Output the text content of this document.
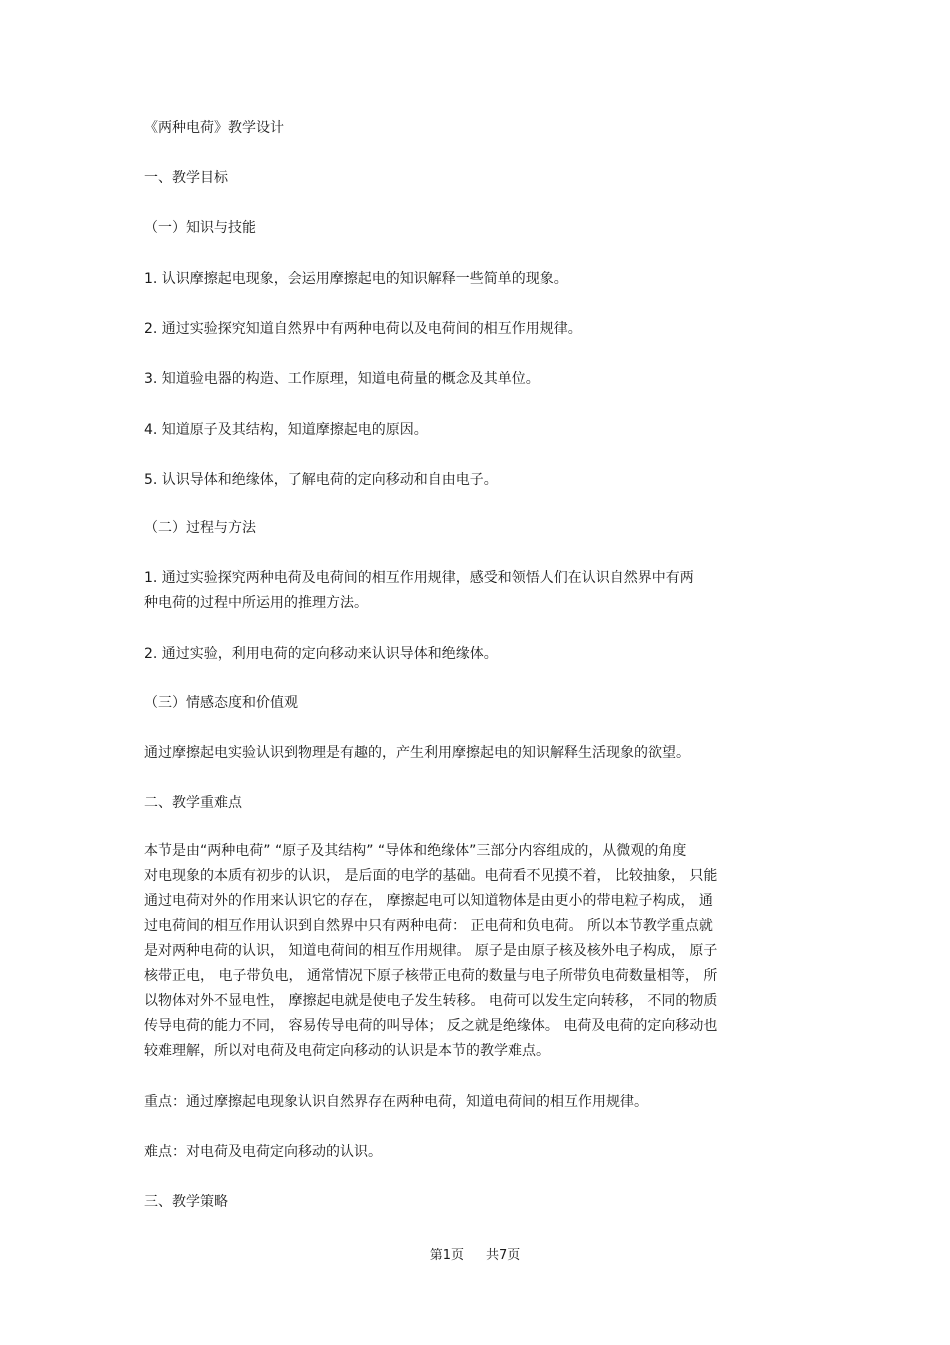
《两种电荷》教学设计
一、教学目标
（一）知识与技能
1. 认识摩擦起电现象，会运用摩擦起电的知识解释一些简单的现象。
2. 通过实验探究知道自然界中有两种电荷以及电荷间的相互作用规律。
3. 知道验电器的构造、工作原理，知道电荷量的概念及其单位。
4. 知道原子及其结构，知道摩擦起电的原因。
5. 认识导体和绝缘体，了解电荷的定向移动和自由电子。
（二）过程与方法
1. 通过实验探究两种电荷及电荷间的相互作用规律，感受和领悟人们在认识自然界中有两
种电荷的过程中所运用的推理方法。
2. 通过实验，利用电荷的定向移动来认识导体和绝缘体。
（三）情感态度和价值观
通过摩擦起电实验认识到物理是有趣的，产生利用摩擦起电的知识解释生活现象的欲望。
二、教学重难点
本节是由“两种电荷” “原子及其结构” “导体和绝缘体”三部分内容组成的，从微观的角度
对电现象的本质有初步的认识， 是后面的电学的基础。电荷看不见摸不着， 比较抽象， 只能
通过电荷对外的作用来认识它的存在， 摩擦起电可以知道物体是由更小的带电粒子构成， 通
过电荷间的相互作用认识到自然界中只有两种电荷： 正电荷和负电荷。 所以本节教学重点就
是对两种电荷的认识， 知道电荷间的相互作用规律。 原子是由原子核及核外电子构成， 原子
核带正电， 电子带负电， 通常情况下原子核带正电荷的数量与电子所带负电荷数量相等， 所
以物体对外不显电性， 摩擦起电就是使电子发生转移。 电荷可以发生定向转移， 不同的物质
传导电荷的能力不同， 容易传导电荷的叫导体； 反之就是绝缘体。 电荷及电荷的定向移动也
较难理解，所以对电荷及电荷定向移动的认识是本节的教学难点。
重点：通过摩擦起电现象认识自然界存在两种电荷，知道电荷间的相互作用规律。
难点：对电荷及电荷定向移动的认识。
三、教学策略
第1页 共7页
